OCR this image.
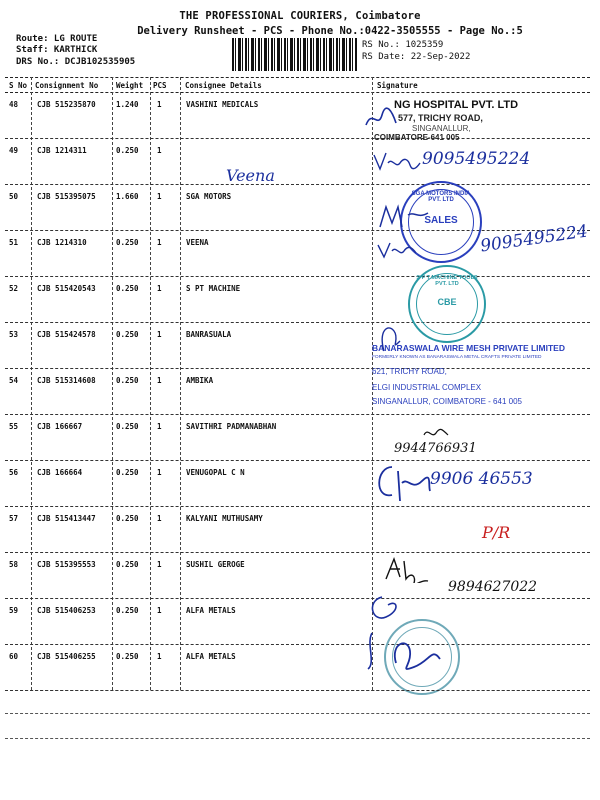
THE PROFESSIONAL COURIERS, Coimbatore
Delivery Runsheet - PCS - Phone No.:0422-3505555 - Page No.:5
Route: LG ROUTE
Staff: KARTHICK
DRS No.: DCJB102535905
RS No.: 1025359
RS Date: 22-Sep-2022
S No Consignment No Weight PCS Consignee Details	Signature
48	CJB 515235870	1.240 1	VASHINI MEDICALS
49	CJB 1214311	0.250 1
50	CJB 515395075	1.660 1	SGA MOTORS
51	CJB 1214310	0.250 1	VEENA
52	CJB 515420543	0.250 1	S PT MACHINE
53	CJB 515424578	0.250 1	BANRASUALA
54	CJB 515314608	0.250 1	AMBIKA
55	CJB 166667	0.250 1	SAVITHRI PADMANABHAN
56	CJB 166664	0.250 1	VENUGOPAL C N
57	CJB 515413447	0.250 1	KALYANI MUTHUSAMY
58	CJB 515395553	0.250 1	SUSHIL GEROGE
59	CJB 515406253	0.250 1	ALFA METALS
60	CJB 515406255	0.250 1	ALFA METALS
Veena
NG HOSPITAL PVT. LTD
577, TRICHY ROAD,
SINGANALLUR,
COIMBATORE-641 005
9095495224
SGA MOTORS INDIA PVT. LTD
SALES
9095495224
S P T MACHINE TOOLS PVT. LTD
CBE
BANARASWALA WIRE MESH PRIVATE LIMITED
FORMERLY KNOWN AS BANARASWALA METAL CRAFTS PRIVATE LIMITED
621, TRICHY ROAD,
ELGI INDUSTRIAL COMPLEX
SINGANALLUR, COIMBATORE - 641 005
9944766931
9906 46553
P/R
9894627022
